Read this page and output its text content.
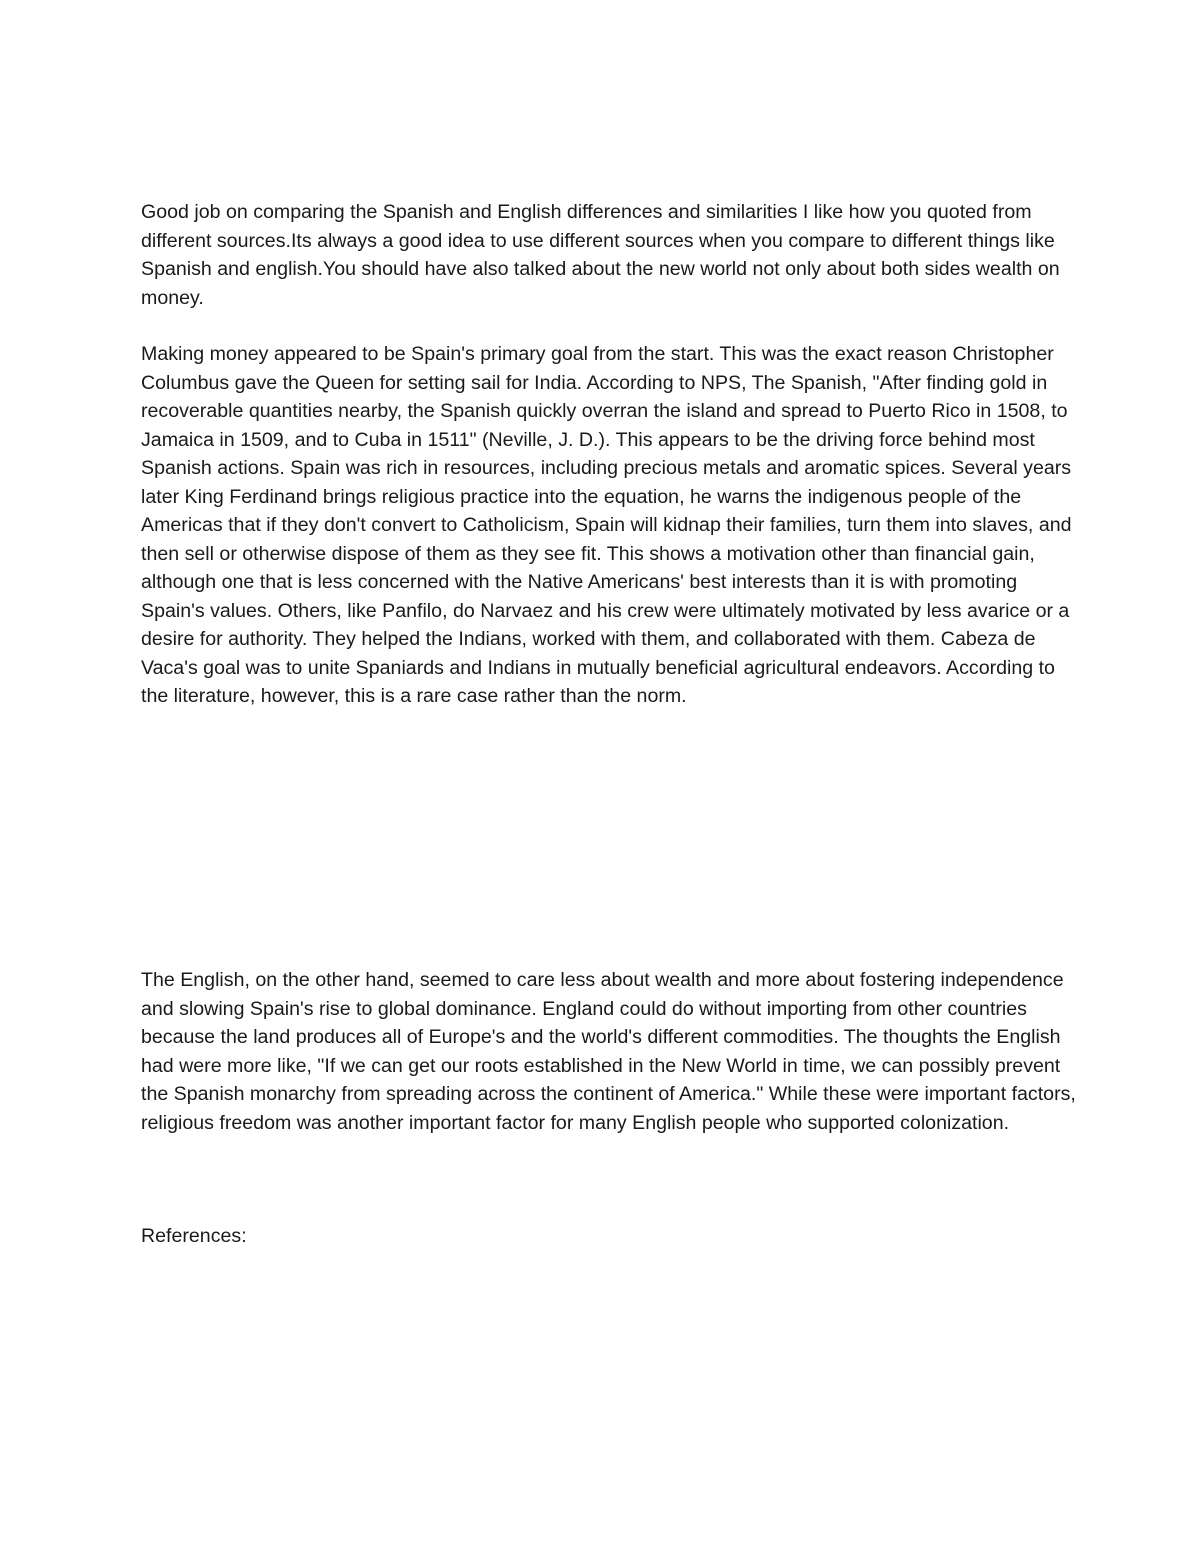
Good job on comparing the Spanish and English differences and similarities I like how you quoted from different sources.Its always a good idea to use different sources when you compare to different things like Spanish and english.You should have also talked about the new world not only about both sides wealth on money.

Making money appeared to be Spain's primary goal from the start. This was the exact reason Christopher Columbus gave the Queen for setting sail for India. According to NPS, The Spanish, "After finding gold in recoverable quantities nearby, the Spanish quickly overran the island and spread to Puerto Rico in 1508, to Jamaica in 1509, and to Cuba in 1511" (Neville, J. D.). This appears to be the driving force behind most Spanish actions. Spain was rich in resources, including precious metals and aromatic spices. Several years later King Ferdinand brings religious practice into the equation, he warns the indigenous people of the Americas that if they don't convert to Catholicism, Spain will kidnap their families, turn them into slaves, and then sell or otherwise dispose of them as they see fit. This shows a motivation other than financial gain, although one that is less concerned with the Native Americans' best interests than it is with promoting Spain's values. Others, like Panfilo, do Narvaez and his crew were ultimately motivated by less avarice or a desire for authority. They helped the Indians, worked with them, and collaborated with them. Cabeza de Vaca's goal was to unite Spaniards and Indians in mutually beneficial agricultural endeavors. According to the literature, however, this is a rare case rather than the norm.

The English, on the other hand, seemed to care less about wealth and more about fostering independence and slowing Spain's rise to global dominance. England could do without importing from other countries because the land produces all of Europe's and the world's different commodities. The thoughts the English had were more like, "If we can get our roots established in the New World in time, we can possibly prevent the Spanish monarchy from spreading across the continent of America." While these were important factors, religious freedom was another important factor for many English people who supported colonization.

References:
